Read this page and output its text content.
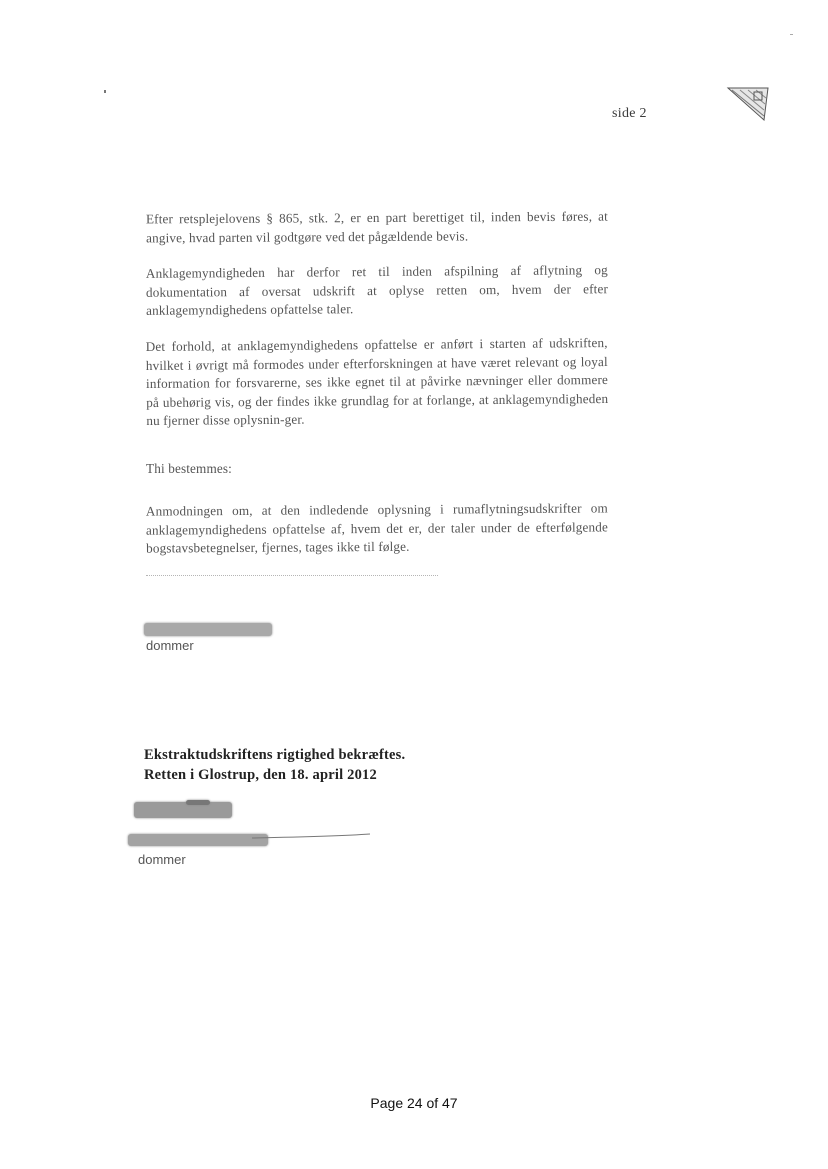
side 2
Efter retsplejelovens § 865, stk. 2, er en part berettiget til, inden bevis føres, at angive, hvad parten vil godtgøre ved det pågældende bevis.
Anklagemyndigheden har derfor ret til inden afspilning af aflytning og dokumentation af oversat udskrift at oplyse retten om, hvem der efter anklagemyndighedens opfattelse taler.
Det forhold, at anklagemyndighedens opfattelse er anført i starten af udskriften, hvilket i øvrigt må formodes under efterforskningen at have været relevant og loyal information for forsvarerne, ses ikke egnet til at påvirke nævninger eller dommere på ubehørig vis, og der findes ikke grundlag for at forlange, at anklagemyndigheden nu fjerner disse oplysnin-ger.
Thi bestemmes:
Anmodningen om, at den indledende oplysning i rumaflytningsudskrifter om anklagemyndighedens opfattelse af, hvem det er, der taler under de efterfølgende bogstavsbetegnelser, fjernes, tages ikke til følge.
dommer
Ekstraktudskriftens rigtighed bekræftes.
Retten i Glostrup, den 18. april 2012
dommer
Page 24 of 47
